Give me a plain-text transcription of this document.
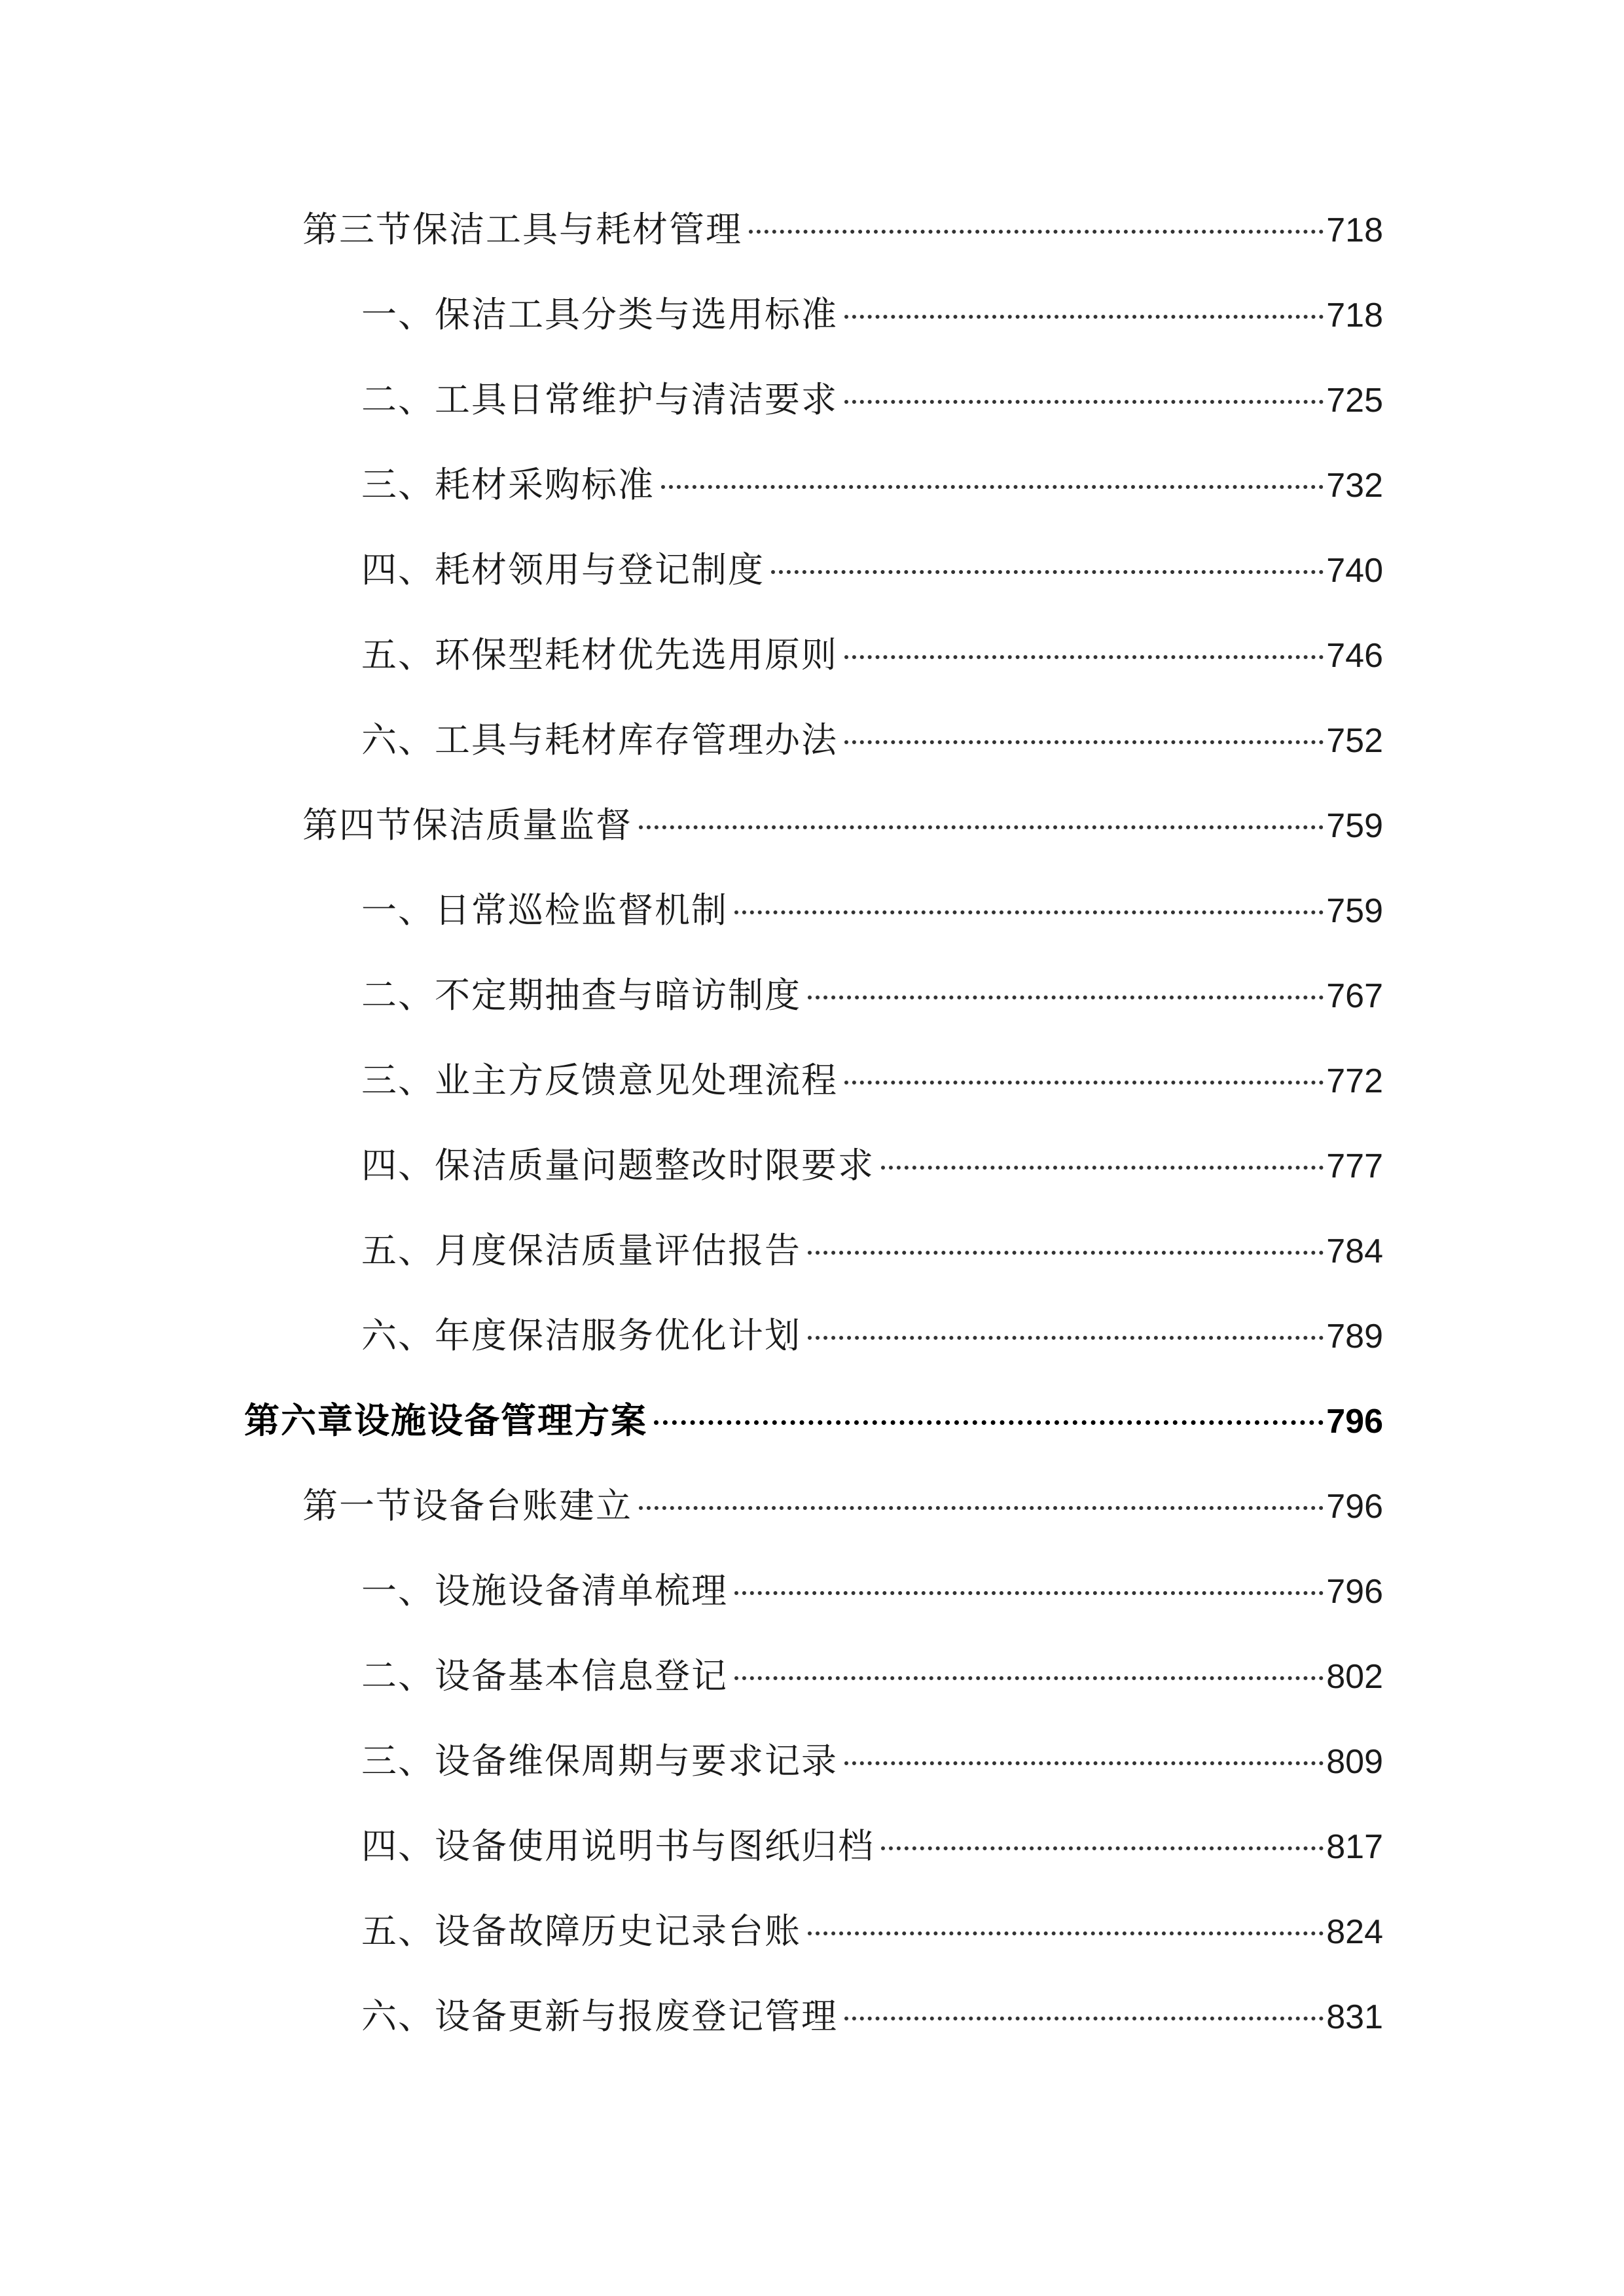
第三节保洁工具与耗材管理	718
一、保洁工具分类与选用标准	718
二、工具日常维护与清洁要求	725
三、耗材采购标准	732
四、耗材领用与登记制度	740
五、环保型耗材优先选用原则	746
六、工具与耗材库存管理办法	752
第四节保洁质量监督	759
一、日常巡检监督机制	759
二、不定期抽查与暗访制度	767
三、业主方反馈意见处理流程	772
四、保洁质量问题整改时限要求	777
五、月度保洁质量评估报告	784
六、年度保洁服务优化计划	789
第六章设施设备管理方案	796
第一节设备台账建立	796
一、设施设备清单梳理	796
二、设备基本信息登记	802
三、设备维保周期与要求记录	809
四、设备使用说明书与图纸归档	817
五、设备故障历史记录台账	824
六、设备更新与报废登记管理	831
